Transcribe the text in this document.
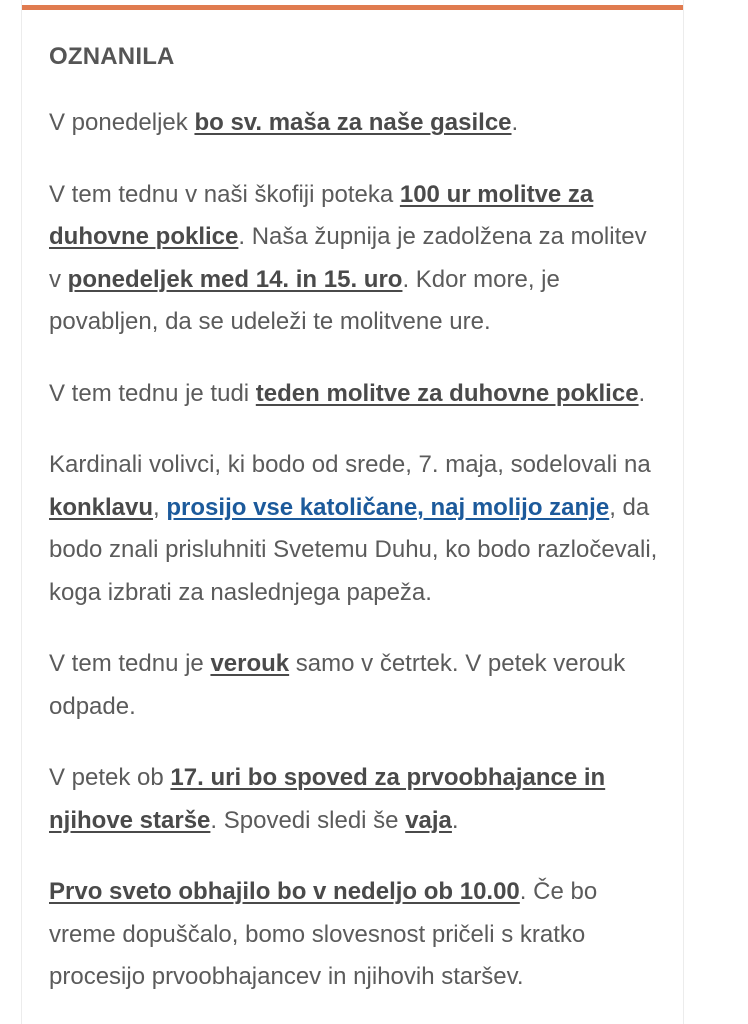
OZNANILA

V ponedeljek bo sv. maša za naše gasilce.

V tem tednu v naši škofiji poteka 100 ur molitve za duhovne poklice. Naša župnija je zadolžena za molitev v ponedeljek med 14. in 15. uro. Kdor more, je povabljen, da se udeleži te molitvene ure.

V tem tednu je tudi teden molitve za duhovne poklice.

Kardinali volivci, ki bodo od srede, 7. maja, sodelovali na konklavu, prosijo vse katoličane, naj molijo zanje, da bodo znali prisluhniti Svetemu Duhu, ko bodo razločevali, koga izbrati za naslednjega papeža.

V tem tednu je verouk samo v četrtek. V petek verouk odpade.

V petek ob 17. uri bo spoved za prvoobhajance in njihove starše. Spovedi sledi še vaja.

Prvo sveto obhajilo bo v nedeljo ob 10.00. Če bo vreme dopuščalo, bomo slovesnost pričeli s kratko procesijo prvoobhajancev in njihovih staršev.
